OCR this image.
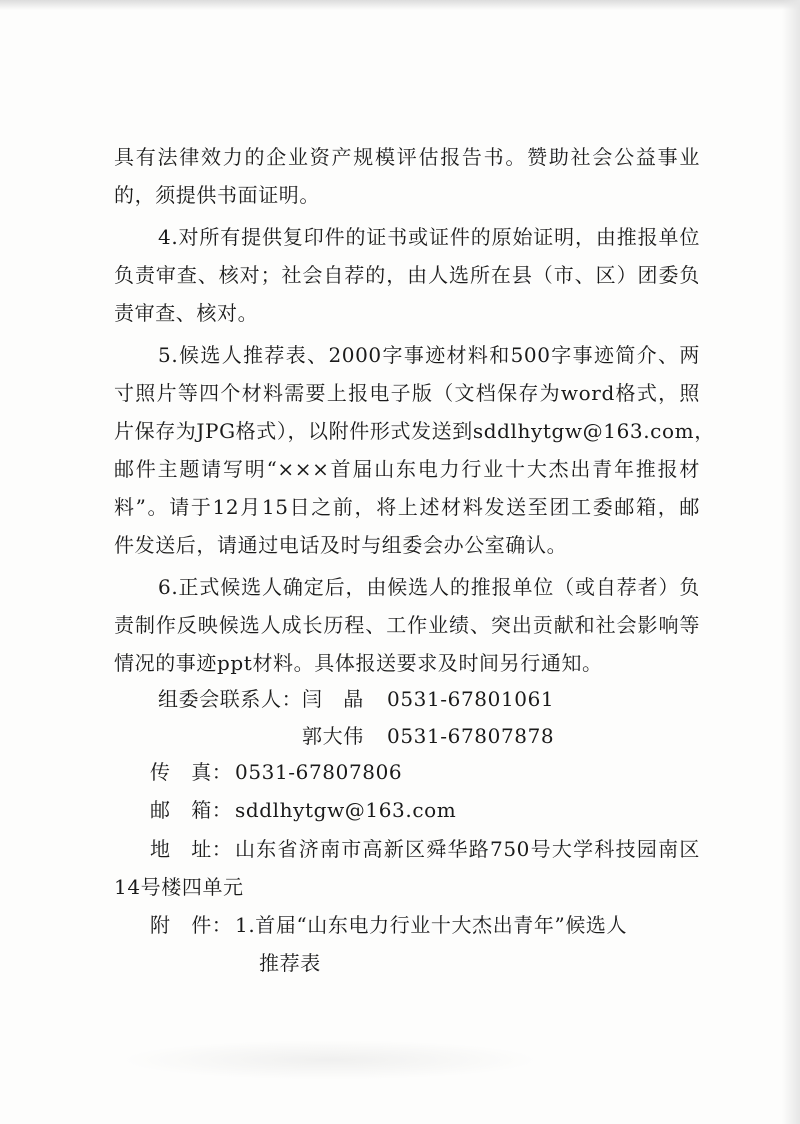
具有法律效力的企业资产规模评估报告书。赞助社会公益事业
的，须提供书面证明。
4.对所有提供复印件的证书或证件的原始证明，由推报单位
负责审查、核对；社会自荐的，由人选所在县（市、区）团委负
责审查、核对。
5.候选人推荐表、2000字事迹材料和500字事迹简介、两
寸照片等四个材料需要上报电子版（文档保存为word格式，照
片保存为JPG格式），以附件形式发送到sddlhytgw@163.com，
邮件主题请写明“×××首届山东电力行业十大杰出青年推报材
料”。请于12月15日之前，将上述材料发送至团工委邮箱，邮
件发送后，请通过电话及时与组委会办公室确认。
6.正式候选人确定后，由候选人的推报单位（或自荐者）负
责制作反映候选人成长历程、工作业绩、突出贡献和社会影响等
情况的事迹ppt材料。具体报送要求及时间另行通知。
组委会联系人： 闫　晶 0531-67801061
郭大伟 0531-67807878
传　真： 0531-67807806
邮　箱： sddlhytgw@163.com
地　址： 山东省济南市高新区舜华路750号大学科技园南区
14号楼四单元
附　件： 1.首届“山东电力行业十大杰出青年”候选人
推荐表
